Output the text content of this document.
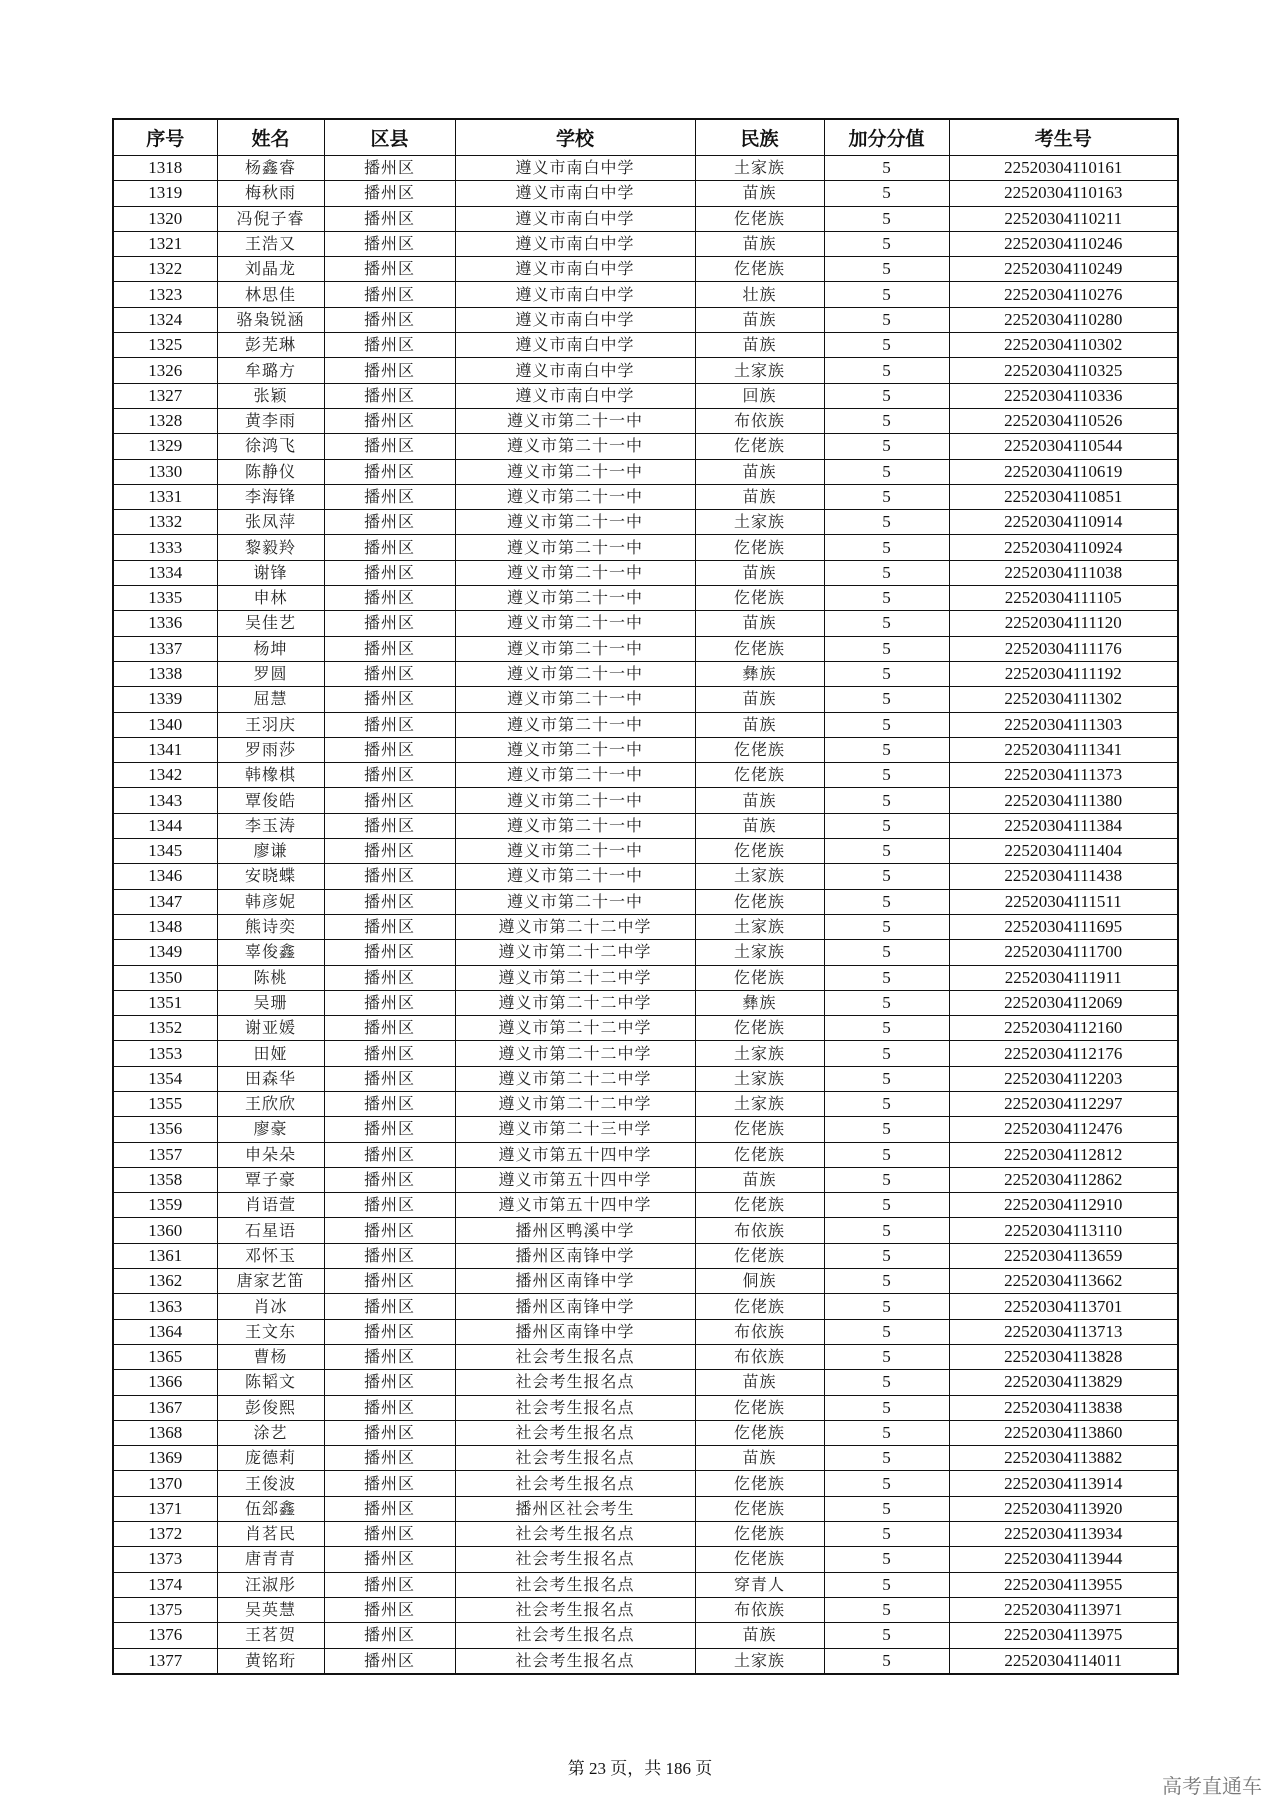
序号	姓名	区县	学校	民族	加分分值	考生号
1318	杨鑫睿	播州区	遵义市南白中学	土家族	5	22520304110161
1319	梅秋雨	播州区	遵义市南白中学	苗族	5	22520304110163
1320	冯倪子睿	播州区	遵义市南白中学	仡佬族	5	22520304110211
1321	王浩又	播州区	遵义市南白中学	苗族	5	22520304110246
1322	刘晶龙	播州区	遵义市南白中学	仡佬族	5	22520304110249
1323	林思佳	播州区	遵义市南白中学	壮族	5	22520304110276
1324	骆枭锐涵	播州区	遵义市南白中学	苗族	5	22520304110280
1325	彭芜琳	播州区	遵义市南白中学	苗族	5	22520304110302
1326	牟璐方	播州区	遵义市南白中学	土家族	5	22520304110325
1327	张颖	播州区	遵义市南白中学	回族	5	22520304110336
1328	黄李雨	播州区	遵义市第二十一中	布依族	5	22520304110526
1329	徐鸿飞	播州区	遵义市第二十一中	仡佬族	5	22520304110544
1330	陈静仪	播州区	遵义市第二十一中	苗族	5	22520304110619
1331	李海锋	播州区	遵义市第二十一中	苗族	5	22520304110851
1332	张凤萍	播州区	遵义市第二十一中	土家族	5	22520304110914
1333	黎毅羚	播州区	遵义市第二十一中	仡佬族	5	22520304110924
1334	谢锋	播州区	遵义市第二十一中	苗族	5	22520304111038
1335	申林	播州区	遵义市第二十一中	仡佬族	5	22520304111105
1336	吴佳艺	播州区	遵义市第二十一中	苗族	5	22520304111120
1337	杨坤	播州区	遵义市第二十一中	仡佬族	5	22520304111176
1338	罗圆	播州区	遵义市第二十一中	彝族	5	22520304111192
1339	屈慧	播州区	遵义市第二十一中	苗族	5	22520304111302
1340	王羽庆	播州区	遵义市第二十一中	苗族	5	22520304111303
1341	罗雨莎	播州区	遵义市第二十一中	仡佬族	5	22520304111341
1342	韩橡棋	播州区	遵义市第二十一中	仡佬族	5	22520304111373
1343	覃俊皓	播州区	遵义市第二十一中	苗族	5	22520304111380
1344	李玉涛	播州区	遵义市第二十一中	苗族	5	22520304111384
1345	廖谦	播州区	遵义市第二十一中	仡佬族	5	22520304111404
1346	安晓蝶	播州区	遵义市第二十一中	土家族	5	22520304111438
1347	韩彦妮	播州区	遵义市第二十一中	仡佬族	5	22520304111511
1348	熊诗奕	播州区	遵义市第二十二中学	土家族	5	22520304111695
1349	辜俊鑫	播州区	遵义市第二十二中学	土家族	5	22520304111700
1350	陈桃	播州区	遵义市第二十二中学	仡佬族	5	22520304111911
1351	吴珊	播州区	遵义市第二十二中学	彝族	5	22520304112069
1352	谢亚媛	播州区	遵义市第二十二中学	仡佬族	5	22520304112160
1353	田娅	播州区	遵义市第二十二中学	土家族	5	22520304112176
1354	田森华	播州区	遵义市第二十二中学	土家族	5	22520304112203
1355	王欣欣	播州区	遵义市第二十二中学	土家族	5	22520304112297
1356	廖豪	播州区	遵义市第二十三中学	仡佬族	5	22520304112476
1357	申朵朵	播州区	遵义市第五十四中学	仡佬族	5	22520304112812
1358	覃子豪	播州区	遵义市第五十四中学	苗族	5	22520304112862
1359	肖语萱	播州区	遵义市第五十四中学	仡佬族	5	22520304112910
1360	石星语	播州区	播州区鸭溪中学	布依族	5	22520304113110
1361	邓怀玉	播州区	播州区南锋中学	仡佬族	5	22520304113659
1362	唐家艺笛	播州区	播州区南锋中学	侗族	5	22520304113662
1363	肖冰	播州区	播州区南锋中学	仡佬族	5	22520304113701
1364	王文东	播州区	播州区南锋中学	布依族	5	22520304113713
1365	曹杨	播州区	社会考生报名点	布依族	5	22520304113828
1366	陈韬文	播州区	社会考生报名点	苗族	5	22520304113829
1367	彭俊熙	播州区	社会考生报名点	仡佬族	5	22520304113838
1368	涂艺	播州区	社会考生报名点	仡佬族	5	22520304113860
1369	庞德莉	播州区	社会考生报名点	苗族	5	22520304113882
1370	王俊波	播州区	社会考生报名点	仡佬族	5	22520304113914
1371	伍郐鑫	播州区	播州区社会考生	仡佬族	5	22520304113920
1372	肖茗民	播州区	社会考生报名点	仡佬族	5	22520304113934
1373	唐青青	播州区	社会考生报名点	仡佬族	5	22520304113944
1374	汪淑彤	播州区	社会考生报名点	穿青人	5	22520304113955
1375	吴英慧	播州区	社会考生报名点	布依族	5	22520304113971
1376	王茗贺	播州区	社会考生报名点	苗族	5	22520304113975
1377	黄铭珩	播州区	社会考生报名点	土家族	5	22520304114011
第 23 页，共 186 页
高考直通车
